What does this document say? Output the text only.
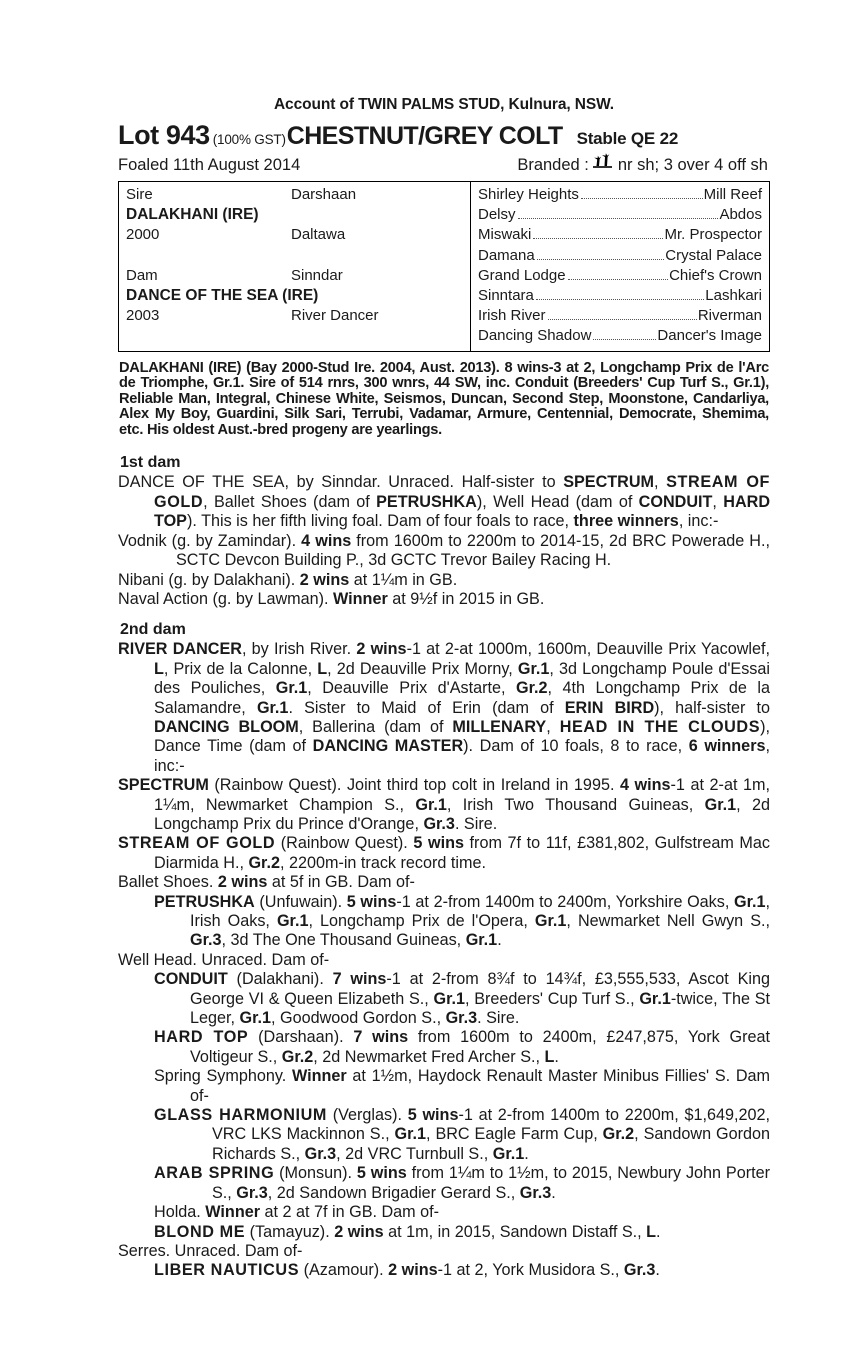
Account of TWIN PALMS STUD, Kulnura, NSW.
Lot 943 (100% GST) CHESTNUT/GREY COLT Stable QE 22
Foaled 11th August 2014	Branded : nr sh; 3 over 4 off sh
Sire	Darshaan
DALAKHANI (IRE)
2000	Daltawa
Dam	Sinndar
DANCE OF THE SEA (IRE)
2003	River Dancer
Shirley Heights	Mill Reef
Delsy	Abdos
Miswaki	Mr. Prospector
Damana	Crystal Palace
Grand Lodge	Chief's Crown
Sinntara	Lashkari
Irish River	Riverman
Dancing Shadow	Dancer's Image
DALAKHANI (IRE) (Bay 2000-Stud Ire. 2004, Aust. 2013). 8 wins-3 at 2, Longchamp Prix de l'Arc de Triomphe, Gr.1. Sire of 514 rnrs, 300 wnrs, 44 SW, inc. Conduit (Breeders' Cup Turf S., Gr.1), Reliable Man, Integral, Chinese White, Seismos, Duncan, Second Step, Moonstone, Candarliya, Alex My Boy, Guardini, Silk Sari, Terrubi, Vadamar, Armure, Centennial, Democrate, Shemima, etc. His oldest Aust.-bred progeny are yearlings.
1st dam
DANCE OF THE SEA, by Sinndar. Unraced. Half-sister to SPECTRUM, STREAM OF GOLD, Ballet Shoes (dam of PETRUSHKA), Well Head (dam of CONDUIT, HARD TOP). This is her fifth living foal. Dam of four foals to race, three winners, inc:-
Vodnik (g. by Zamindar). 4 wins from 1600m to 2200m to 2014-15, 2d BRC Powerade H., SCTC Devcon Building P., 3d GCTC Trevor Bailey Racing H.
Nibani (g. by Dalakhani). 2 wins at 1¼m in GB.
Naval Action (g. by Lawman). Winner at 9½f in 2015 in GB.
2nd dam
RIVER DANCER, by Irish River. 2 wins-1 at 2-at 1000m, 1600m, Deauville Prix Yacowlef, L, Prix de la Calonne, L, 2d Deauville Prix Morny, Gr.1, 3d Longchamp Poule d'Essai des Pouliches, Gr.1, Deauville Prix d'Astarte, Gr.2, 4th Longchamp Prix de la Salamandre, Gr.1. Sister to Maid of Erin (dam of ERIN BIRD), half-sister to DANCING BLOOM, Ballerina (dam of MILLENARY, HEAD IN THE CLOUDS), Dance Time (dam of DANCING MASTER). Dam of 10 foals, 8 to race, 6 winners, inc:-
SPECTRUM (Rainbow Quest). Joint third top colt in Ireland in 1995. 4 wins-1 at 2-at 1m, 1¼m, Newmarket Champion S., Gr.1, Irish Two Thousand Guineas, Gr.1, 2d Longchamp Prix du Prince d'Orange, Gr.3. Sire.
STREAM OF GOLD (Rainbow Quest). 5 wins from 7f to 11f, £381,802, Gulfstream Mac Diarmida H., Gr.2, 2200m-in track record time.
Ballet Shoes. 2 wins at 5f in GB. Dam of-
PETRUSHKA (Unfuwain). 5 wins-1 at 2-from 1400m to 2400m, Yorkshire Oaks, Gr.1, Irish Oaks, Gr.1, Longchamp Prix de l'Opera, Gr.1, Newmarket Nell Gwyn S., Gr.3, 3d The One Thousand Guineas, Gr.1.
Well Head. Unraced. Dam of-
CONDUIT (Dalakhani). 7 wins-1 at 2-from 8¾f to 14¾f, £3,555,533, Ascot King George VI & Queen Elizabeth S., Gr.1, Breeders' Cup Turf S., Gr.1-twice, The St Leger, Gr.1, Goodwood Gordon S., Gr.3. Sire.
HARD TOP (Darshaan). 7 wins from 1600m to 2400m, £247,875, York Great Voltigeur S., Gr.2, 2d Newmarket Fred Archer S., L.
Spring Symphony. Winner at 1½m, Haydock Renault Master Minibus Fillies' S. Dam of-
GLASS HARMONIUM (Verglas). 5 wins-1 at 2-from 1400m to 2200m, $1,649,202, VRC LKS Mackinnon S., Gr.1, BRC Eagle Farm Cup, Gr.2, Sandown Gordon Richards S., Gr.3, 2d VRC Turnbull S., Gr.1.
ARAB SPRING (Monsun). 5 wins from 1¼m to 1½m, to 2015, Newbury John Porter S., Gr.3, 2d Sandown Brigadier Gerard S., Gr.3.
Holda. Winner at 2 at 7f in GB. Dam of-
BLOND ME (Tamayuz). 2 wins at 1m, in 2015, Sandown Distaff S., L.
Serres. Unraced. Dam of-
LIBER NAUTICUS (Azamour). 2 wins-1 at 2, York Musidora S., Gr.3.
